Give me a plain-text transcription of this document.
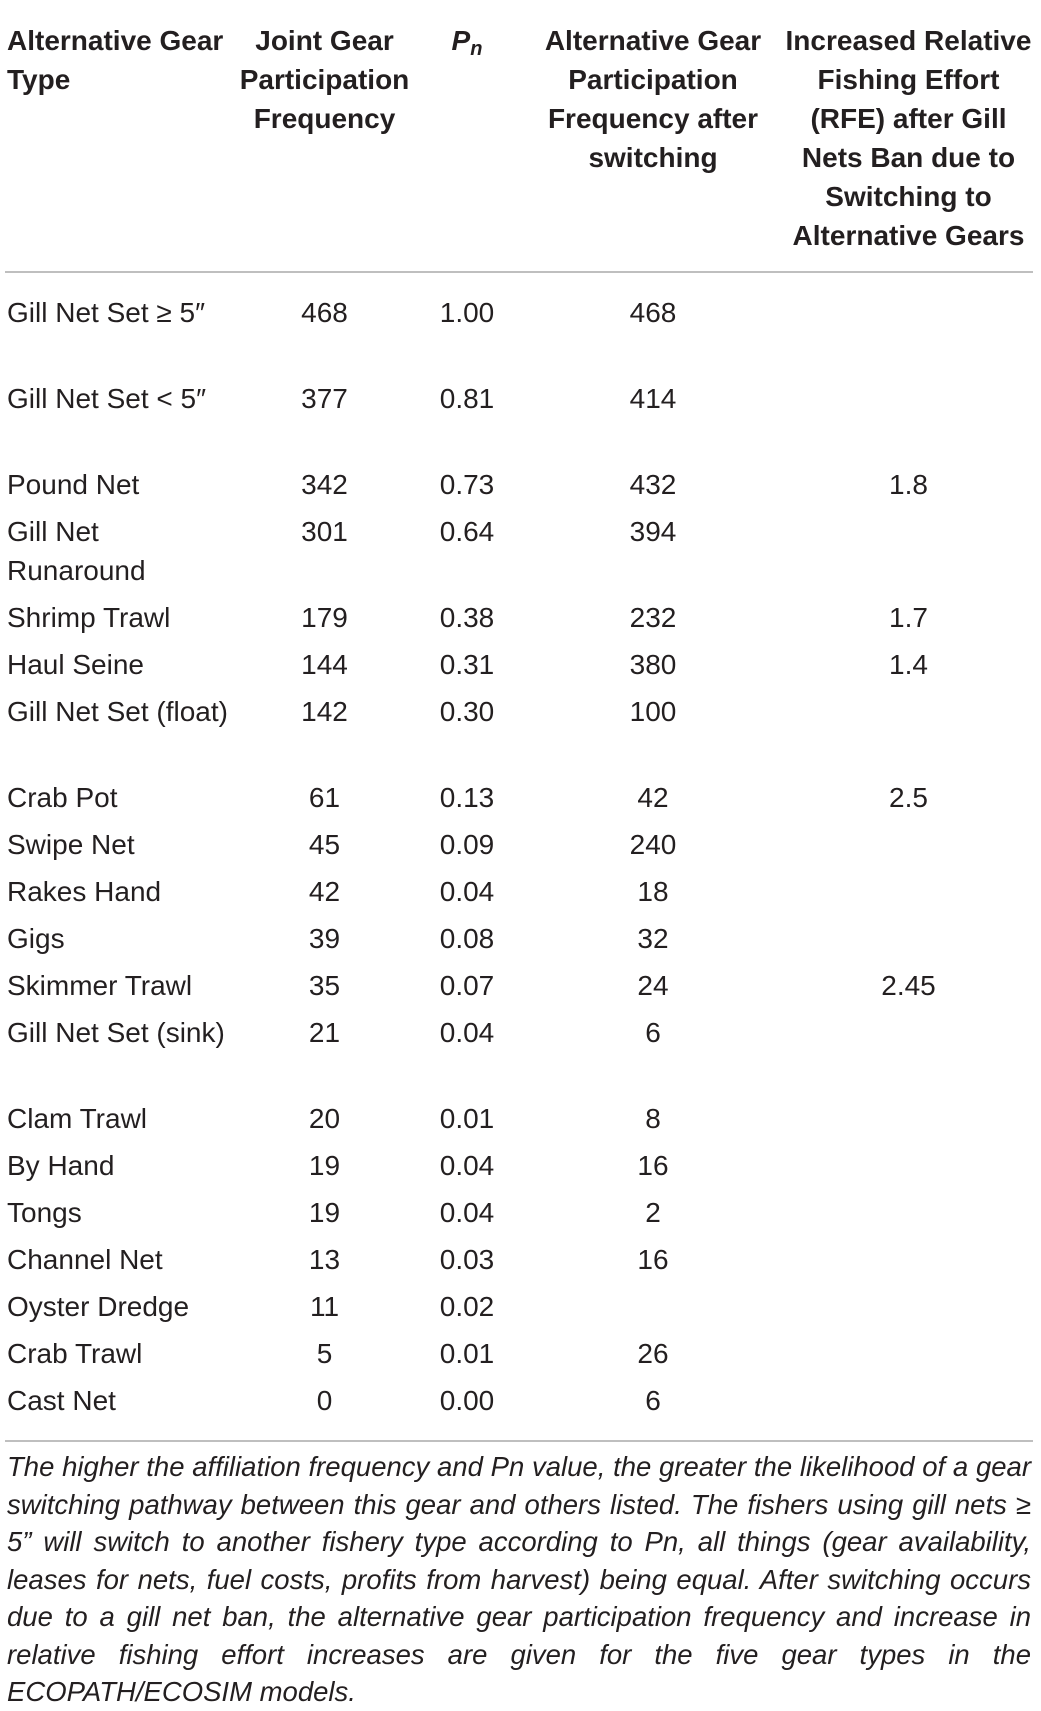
Alternative Gear Type	Joint Gear Participation Frequency	$P_n$	Alternative Gear Participation Frequency after switching	Increased Relative Fishing Effort (RFE) after Gill Nets Ban due to Switching to Alternative Gears
Gill Net Set ≥ 5″	468	1.00	468	
Gill Net Set < 5″	377	0.81	414	
Pound Net	342	0.73	432	1.8
Gill Net Runaround	301	0.64	394	
Shrimp Trawl	179	0.38	232	1.7
Haul Seine	144	0.31	380	1.4
Gill Net Set (float)	142	0.30	100	
Crab Pot	61	0.13	42	2.5
Swipe Net	45	0.09	240	
Rakes Hand	42	0.04	18	
Gigs	39	0.08	32	
Skimmer Trawl	35	0.07	24	2.45
Gill Net Set (sink)	21	0.04	6	
Clam Trawl	20	0.01	8	
By Hand	19	0.04	16	
Tongs	19	0.04	2	
Channel Net	13	0.03	16	
Oyster Dredge	11	0.02		
Crab Trawl	5	0.01	26	
Cast Net	0	0.00	6	
The higher the affiliation frequency and Pn value, the greater the likelihood of a gear switching pathway between this gear and others listed. The fishers using gill nets ≥ 5” will switch to another fishery type according to Pn, all things (gear availability, leases for nets, fuel costs, profits from harvest) being equal. After switching occurs due to a gill net ban, the alternative gear participation frequency and increase in relative fishing effort increases are given for the five gear types in the ECOPATH/ECOSIM models.
